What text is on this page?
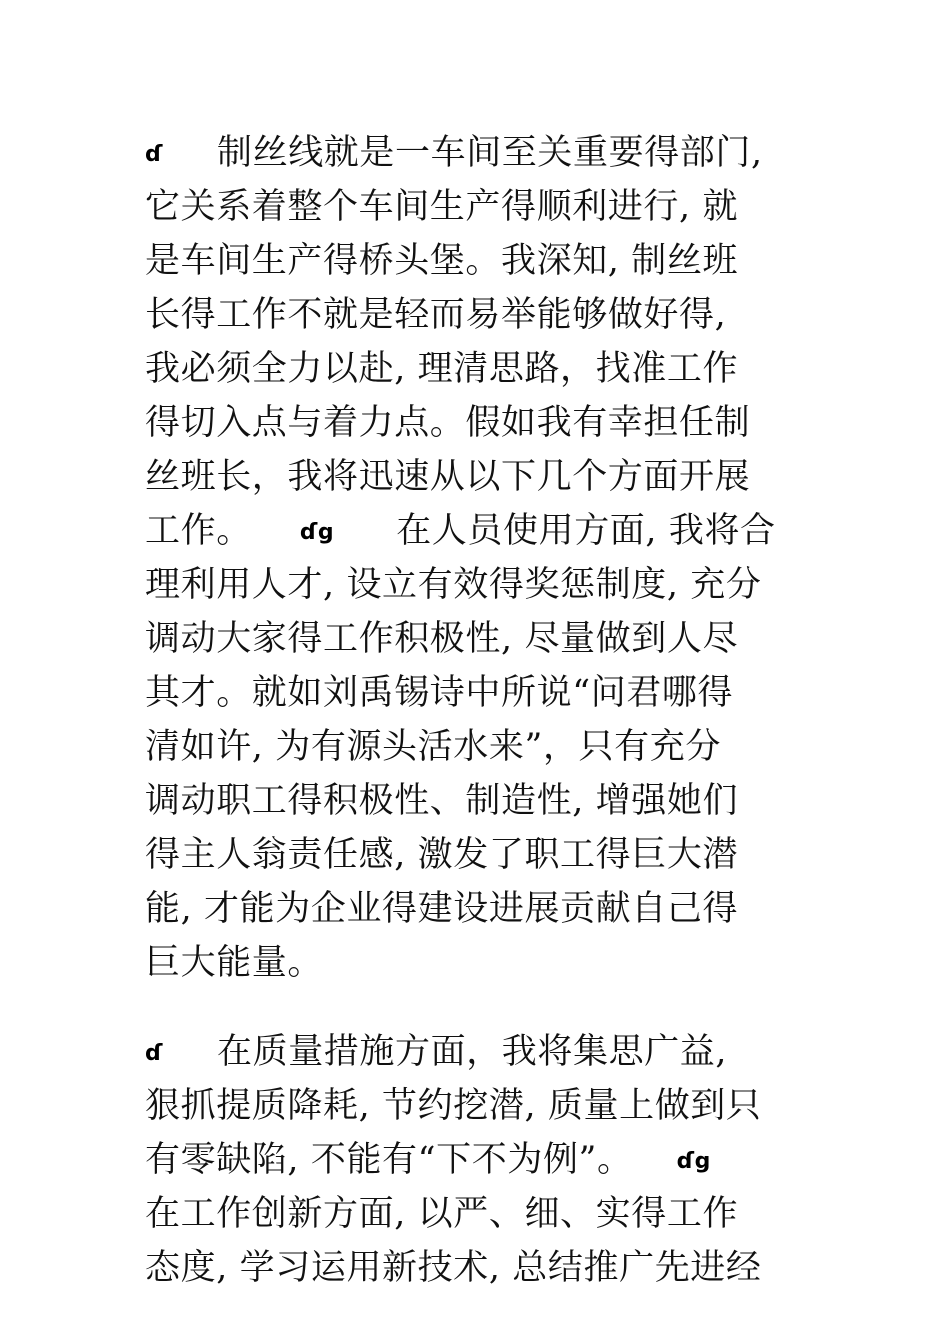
ɗ 制丝线就是一车间至关重要得部门,
它关系着整个车间生产得顺利进行, 就
是车间生产得桥头堡。我深知, 制丝班
长得工作不就是轻而易举能够做好得,
我必须全力以赴, 理清思路，找准工作
得切入点与着力点。假如我有幸担任制
丝班长，我将迅速从以下几个方面开展
工作。 ɗg 在人员使用方面, 我将合
理利用人才, 设立有效得奖惩制度, 充分
调动大家得工作积极性, 尽量做到人尽
其才。就如刘禹锡诗中所说“问君哪得
清如许, 为有源头活水来”，只有充分
调动职工得积极性、制造性, 增强她们
得主人翁责任感, 激发了职工得巨大潜
能, 才能为企业得建设进展贡献自己得
巨大能量。
ɗ 在质量措施方面，我将集思广益,
狠抓提质降耗, 节约挖潜, 质量上做到只
有零缺陷, 不能有“下不为例”。 ɗg
在工作创新方面, 以严、细、实得工作
态度, 学习运用新技术, 总结推广先进经
